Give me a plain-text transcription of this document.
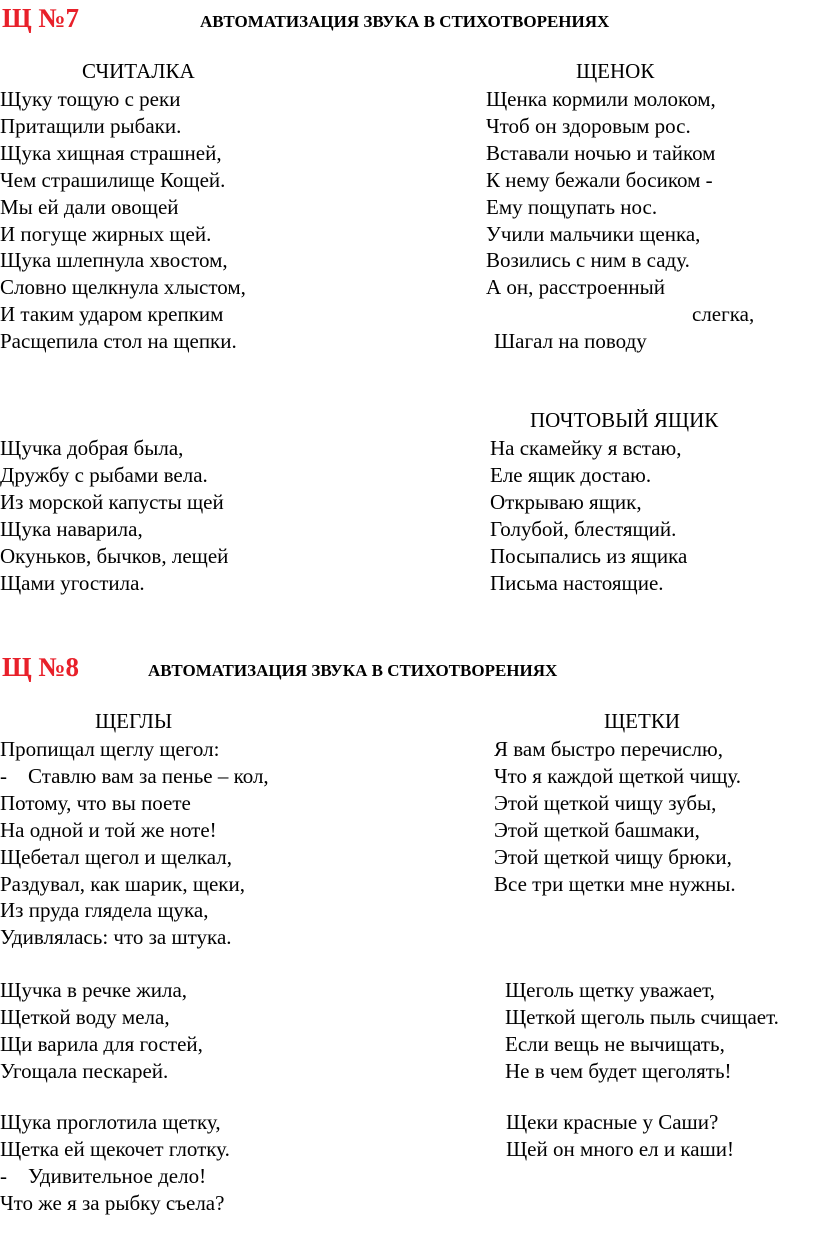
Щ №7	АВТОМАТИЗАЦИЯ ЗВУКА В СТИХОТВОРЕНИЯХ
СЧИТАЛКА	ЩЕНОК
Щуку тощую с реки
Притащили рыбаки.
Щука хищная страшней,
Чем страшилище Кощей.
Мы ей дали овощей
И погуще жирных щей.
Щука шлепнула хвостом,
Словно щелкнула хлыстом,
И таким ударом крепким
Расщепила стол на щепки.
Щенка кормили молоком,
Чтоб он здоровым рос.
Вставали ночью и тайком
К нему бежали босиком -
Ему пощупать нос.
Учили мальчики щенка,
Возились с ним в саду.
А он, расстроенный
слегка,
Шагал на поводу
ПОЧТОВЫЙ ЯЩИК
Щучка добрая была,
Дружбу с рыбами вела.
Из морской капусты щей
Щука наварила,
Окуньков, бычков, лещей
Щами угостила.
На скамейку я встаю,
Еле ящик достаю.
Открываю ящик,
Голубой, блестящий.
Посыпались из ящика
Письма настоящие.
Щ №8	АВТОМАТИЗАЦИЯ ЗВУКА В СТИХОТВОРЕНИЯХ
ЩЕГЛЫ	ЩЕТКИ
Пропищал щеглу щегол:
-    Ставлю вам за пенье – кол,
Потому, что вы поете
На одной и той же ноте!
Щебетал щегол и щелкал,
Раздувал, как шарик, щеки,
Из пруда глядела щука,
Удивлялась: что за штука.
Я вам быстро перечислю,
Что я каждой щеткой чищу.
Этой щеткой чищу зубы,
Этой щеткой башмаки,
Этой щеткой чищу брюки,
Все три щетки мне нужны.
Щучка в речке жила,
Щеткой воду мела,
Щи варила для гостей,
Угощала пескарей.
Щеголь щетку уважает,
Щеткой щеголь пыль счищает.
Если вещь не вычищать,
Не в чем будет щеголять!
Щука проглотила щетку,
Щетка ей щекочет глотку.
-    Удивительное дело!
Что же я за рыбку съела?
Щеки красные у Саши?
Щей он много ел и каши!
